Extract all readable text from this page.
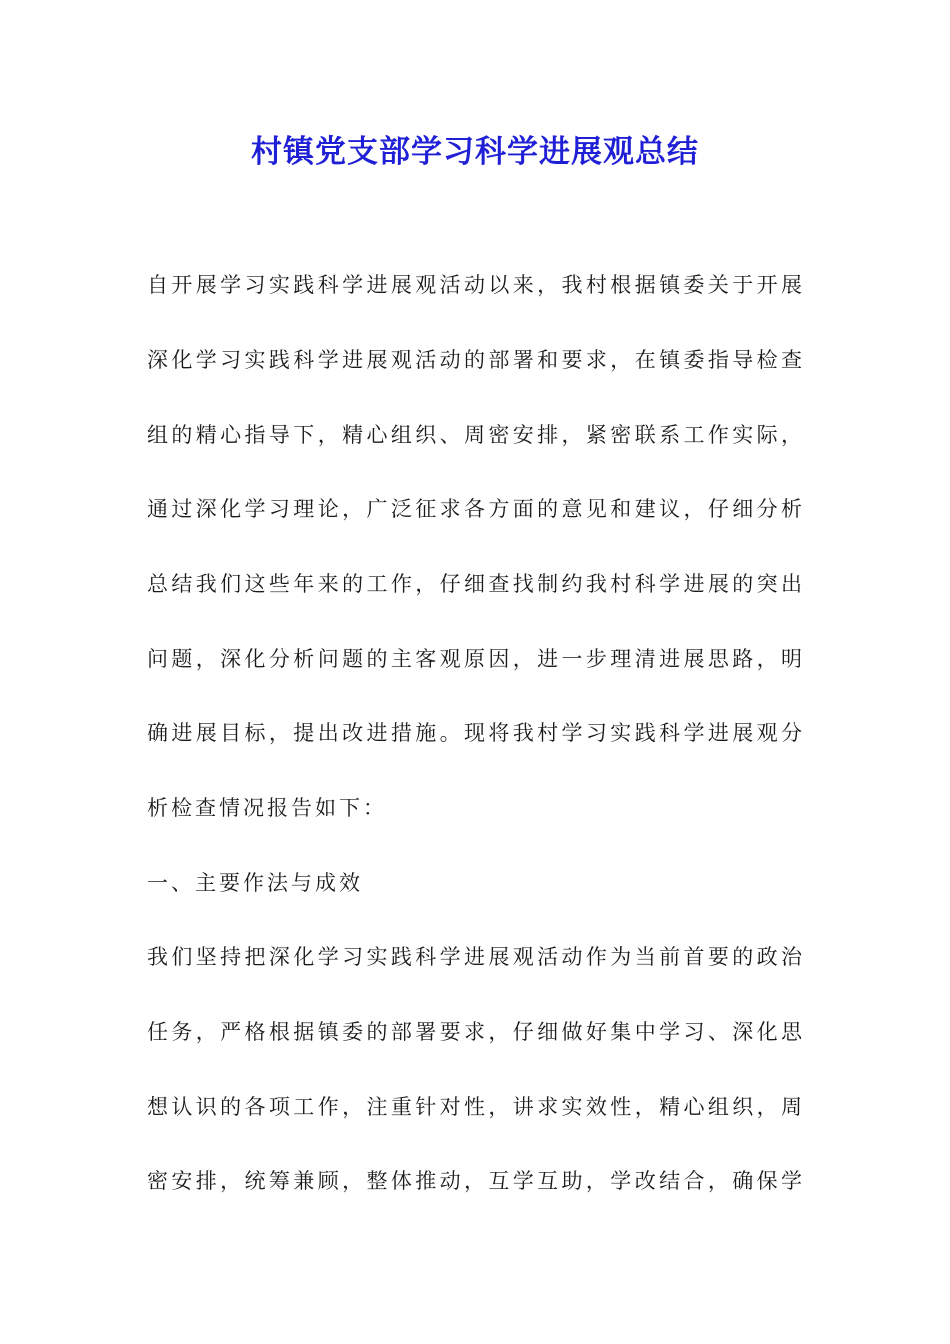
村镇党支部学习科学进展观总结
自开展学习实践科学进展观活动以来，我村根据镇委关于开展
深化学习实践科学进展观活动的部署和要求，在镇委指导检查
组的精心指导下，精心组织、周密安排，紧密联系工作实际，
通过深化学习理论，广泛征求各方面的意见和建议，仔细分析
总结我们这些年来的工作，仔细查找制约我村科学进展的突出
问题，深化分析问题的主客观原因，进一步理清进展思路，明
确进展目标，提出改进措施。现将我村学习实践科学进展观分
析检查情况报告如下：
一、主要作法与成效
我们坚持把深化学习实践科学进展观活动作为当前首要的政治
任务，严格根据镇委的部署要求，仔细做好集中学习、深化思
想认识的各项工作，注重针对性，讲求实效性，精心组织，周
密安排，统筹兼顾，整体推动，互学互助，学改结合，确保学
